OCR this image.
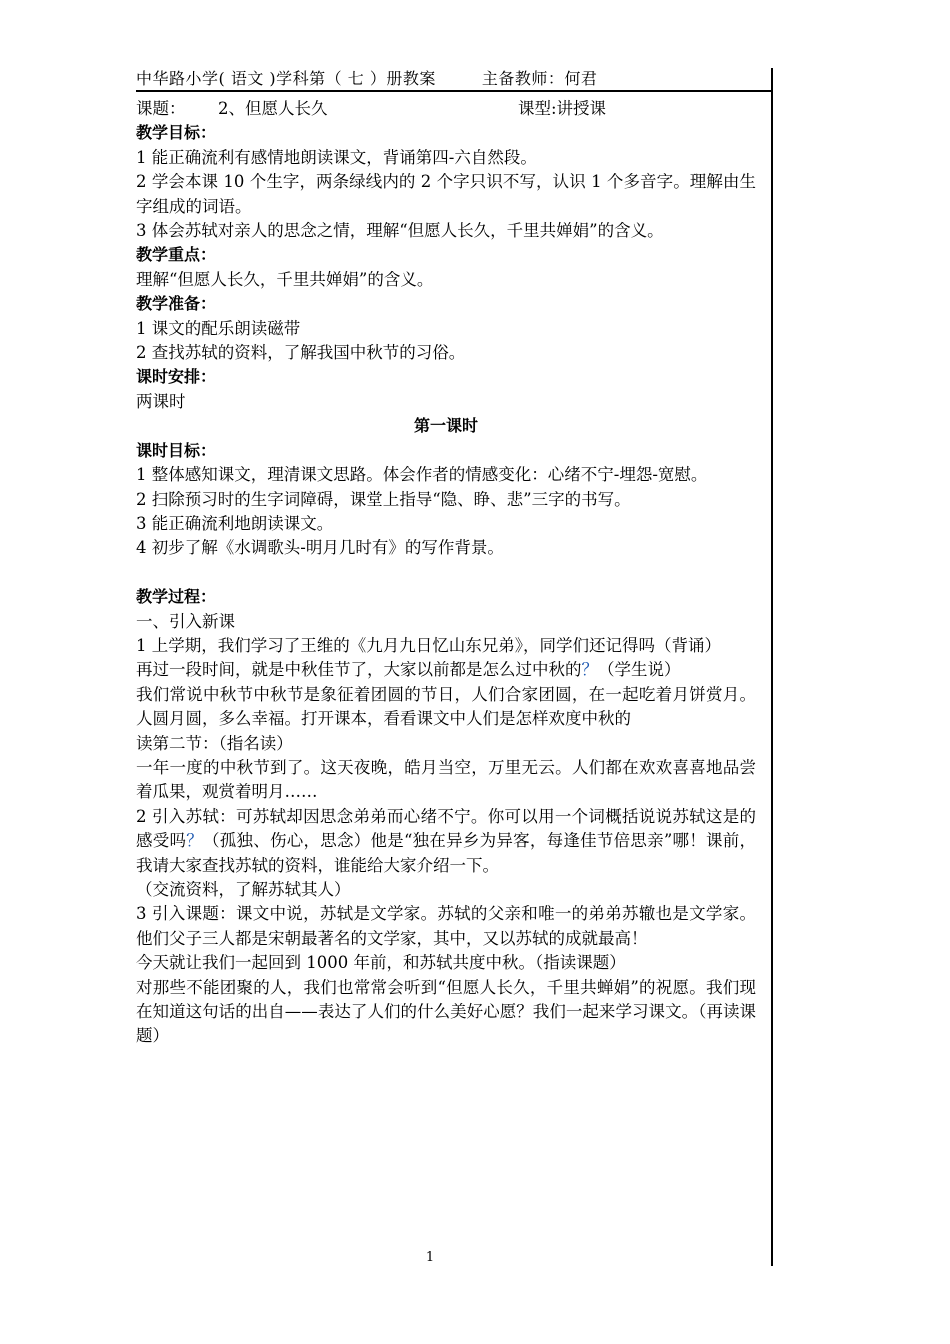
中华路小学( 语文 )学科第（ 七 ）册教案	主备教师：何君
课题：	2、但愿人长久	课型:讲授课

教学目标：

1 能正确流利有感情地朗读课文，背诵第四-六自然段。

2 学会本课 10 个生字，两条绿线内的 2 个字只识不写，认识 1 个多音字。理解由生字组成的词语。

3 体会苏轼对亲人的思念之情，理解“但愿人长久，千里共婵娟”的含义。

教学重点：

理解“但愿人长久，千里共婵娟”的含义。

教学准备：

1 课文的配乐朗读磁带

2 查找苏轼的资料，了解我国中秋节的习俗。

课时安排：

两课时

第一课时

课时目标：

1 整体感知课文，理清课文思路。体会作者的情感变化：心绪不宁-埋怨-宽慰。

2 扫除预习时的生字词障碍，课堂上指导“隐、睁、悲”三字的书写。

3 能正确流利地朗读课文。

4 初步了解《水调歌头-明月几时有》的写作背景。

教学过程：

一、引入新课

1 上学期，我们学习了王维的《九月九日忆山东兄弟》，同学们还记得吗（背诵）

再过一段时间，就是中秋佳节了，大家以前都是怎么过中秋的？（学生说）

我们常说中秋节中秋节是象征着团圆的节日，人们合家团圆，在一起吃着月饼赏月。人圆月圆，多么幸福。打开课本，看看课文中人们是怎样欢度中秋的

读第二节：（指名读）

一年一度的中秋节到了。这天夜晚，皓月当空，万里无云。人们都在欢欢喜喜地品尝着瓜果，观赏着明月……

2 引入苏轼：可苏轼却因思念弟弟而心绪不宁。你可以用一个词概括说说苏轼这是的感受吗？（孤独、伤心，思念）他是“独在异乡为异客，每逢佳节倍思亲”哪！课前，我请大家查找苏轼的资料，谁能给大家介绍一下。

（交流资料，了解苏轼其人）

3 引入课题：课文中说，苏轼是文学家。苏轼的父亲和唯一的弟弟苏辙也是文学家。他们父子三人都是宋朝最著名的文学家，其中，又以苏轼的成就最高！

今天就让我们一起回到 1000 年前，和苏轼共度中秋。（指读课题）

对那些不能团聚的人，我们也常常会听到“但愿人长久，千里共蝉娟”的祝愿。我们现在知道这句话的出自——表达了人们的什么美好心愿？我们一起来学习课文。（再读课题）

1
